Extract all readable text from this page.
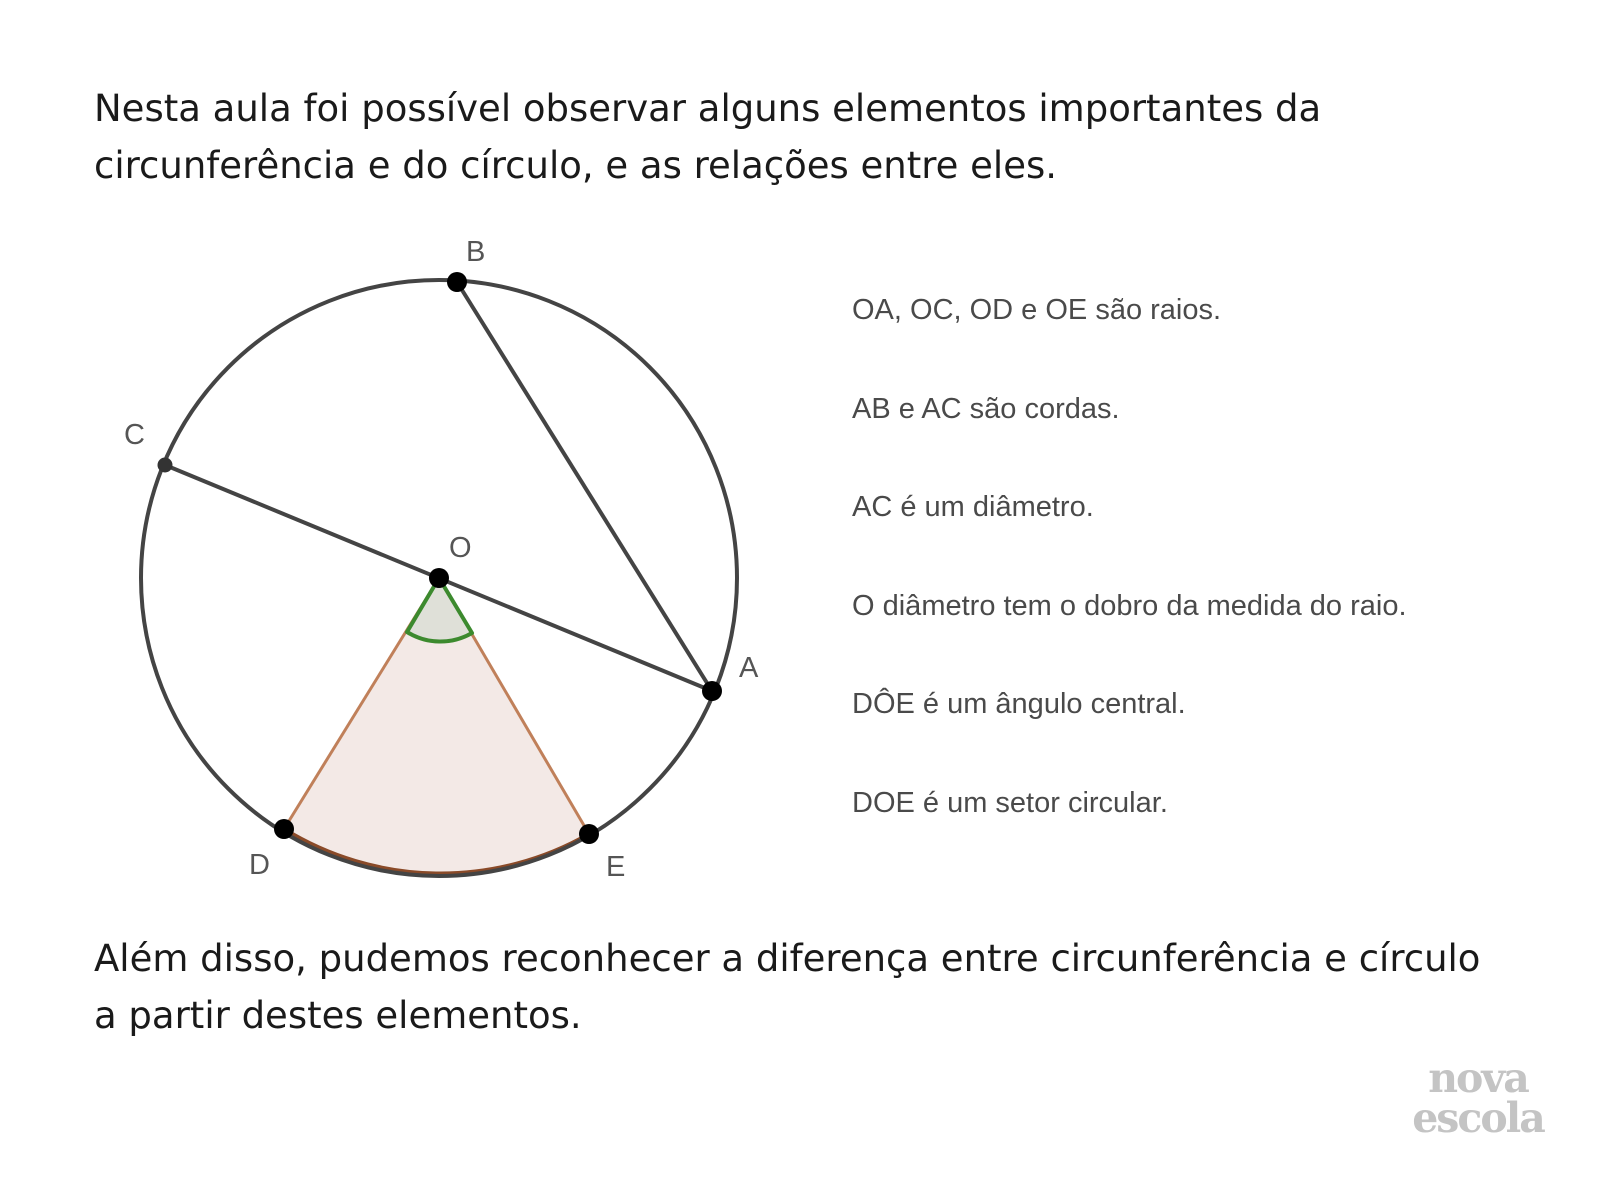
Nesta aula foi possível observar alguns elementos importantes da
circunferência e do círculo, e as relações entre eles.

B
C
O
A
D	E
OA, OC, OD e OE são raios.
AB e AC são cordas.
AC é um diâmetro.
O diâmetro tem o dobro da medida do raio.
DÔE é um ângulo central.
DOE é um setor circular.

Além disso, pudemos reconhecer a diferença entre circunferência e círculo
a partir destes elementos.

nova
escola
